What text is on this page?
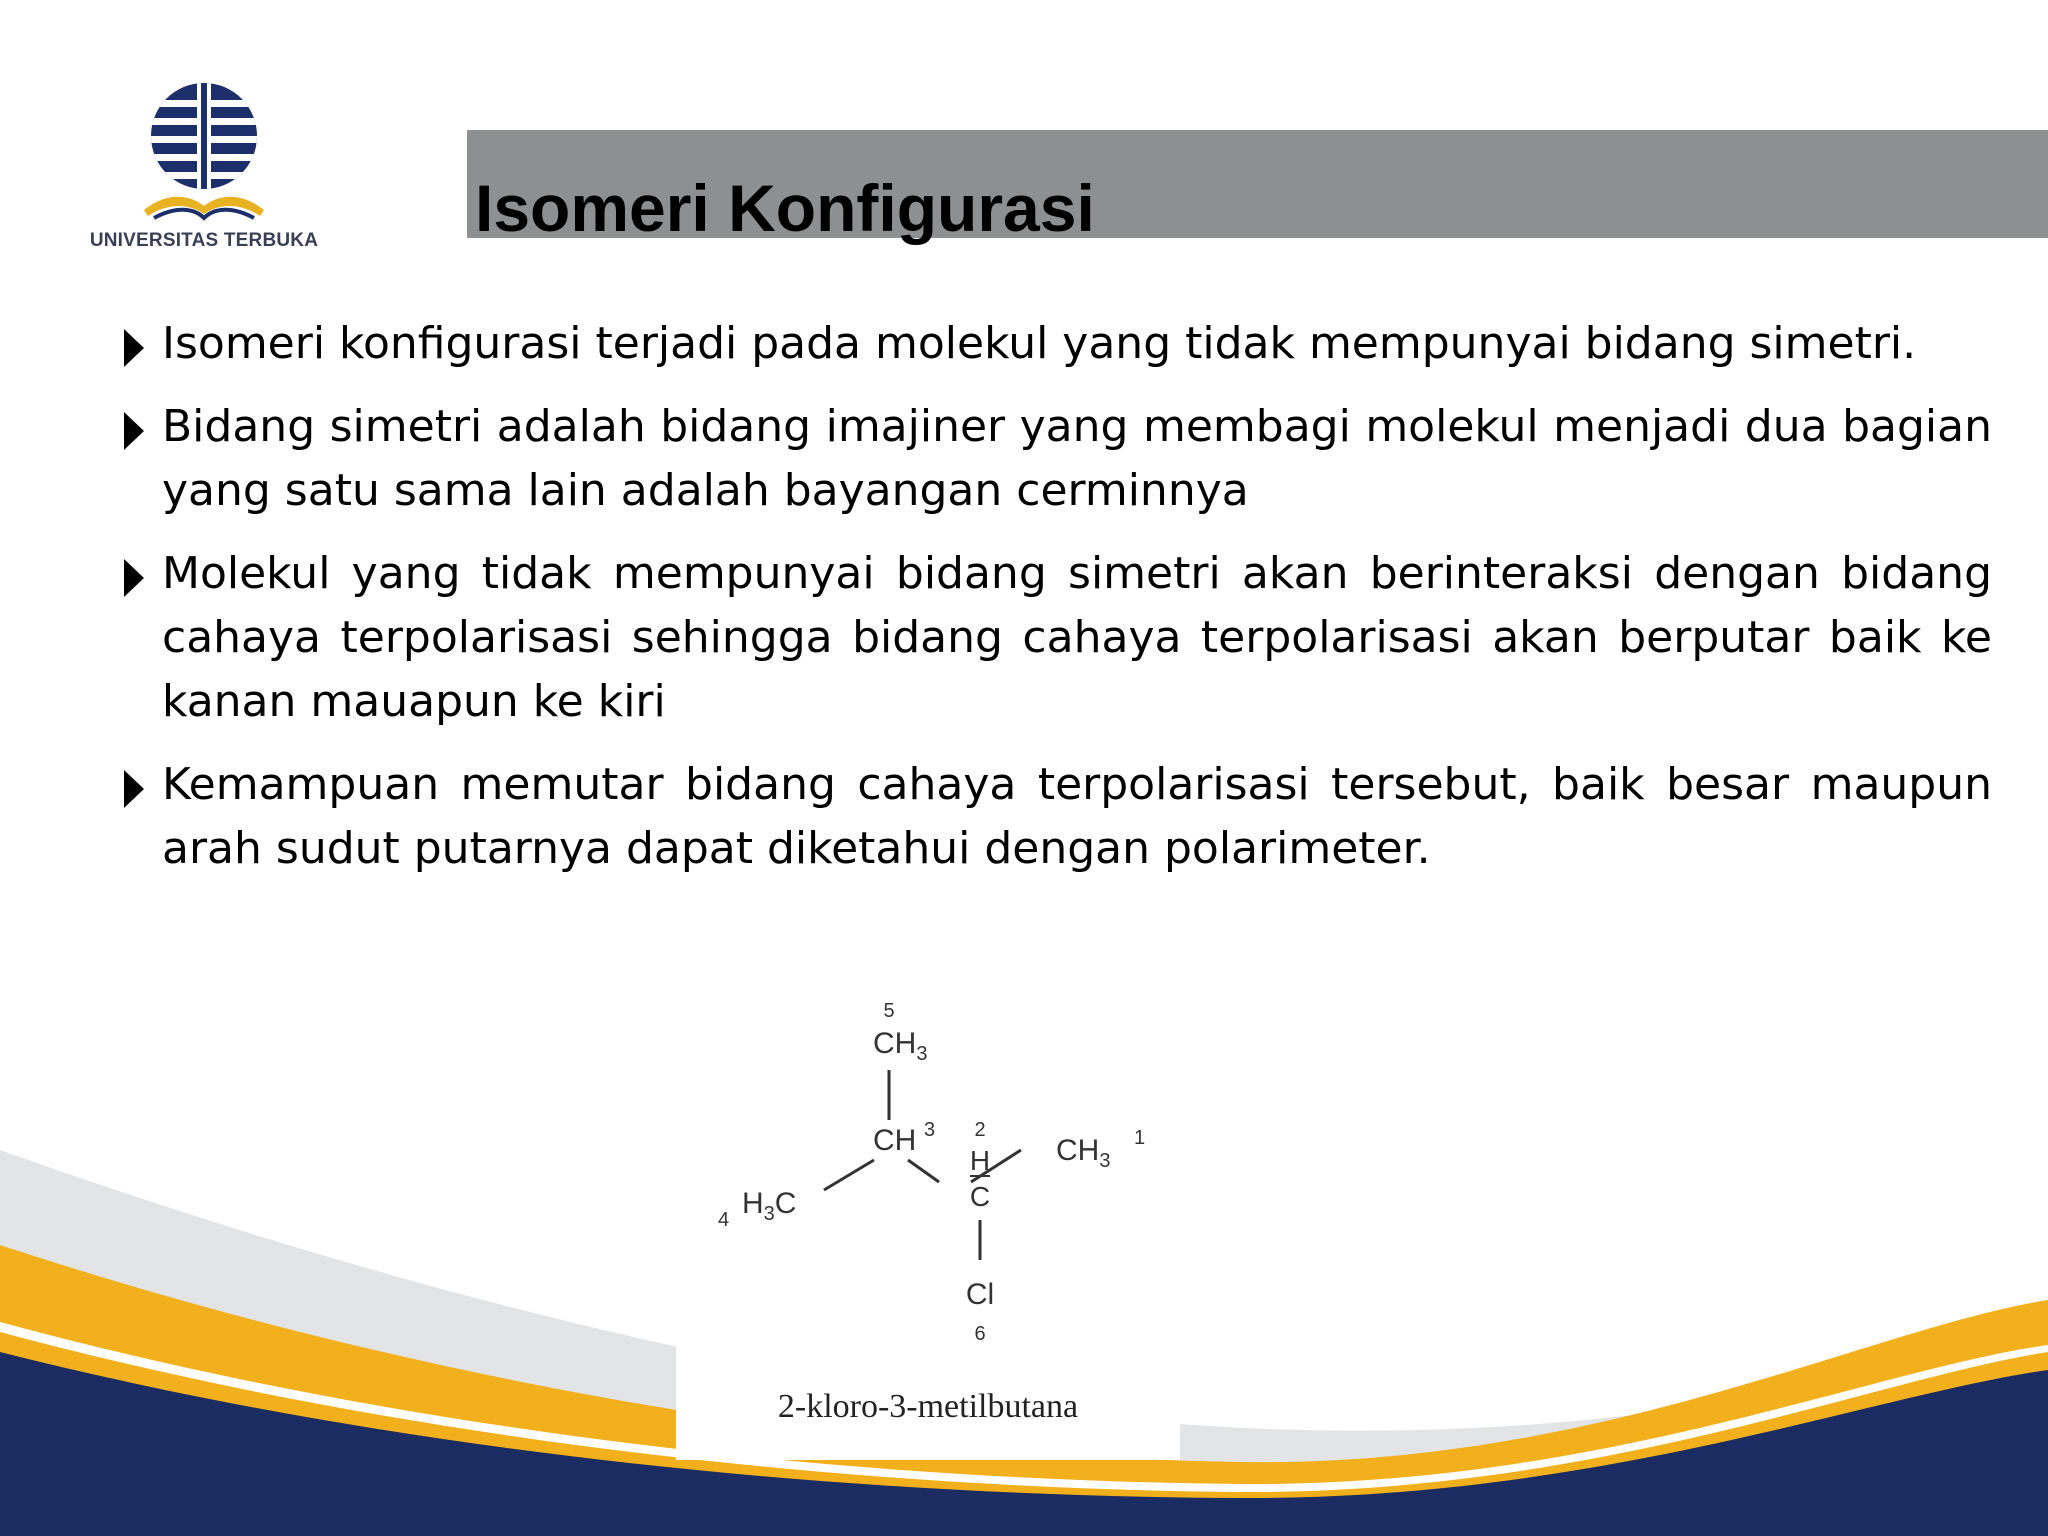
UNIVERSITAS TERBUKA Isomeri Konfigurasi
Isomeri konfigurasi terjadi pada molekul yang tidak mempunyai bidang simetri.
Bidang simetri adalah bidang imajiner yang membagi molekul menjadi dua bagian yang satu sama lain adalah bayangan cerminnya
Molekul yang tidak mempunyai bidang simetri akan berinteraksi dengan bidang cahaya terpolarisasi sehingga bidang cahaya terpolarisasi akan berputar baik ke kanan mauapun ke kiri
Kemampuan memutar bidang cahaya terpolarisasi tersebut, baik besar maupun arah sudut putarnya dapat diketahui dengan polarimeter.
5
$CH_3$
CH 3 2
H
C
$CH_3$
1
4 $H_3C$
Cl
6
2-kloro-3-metilbutana
